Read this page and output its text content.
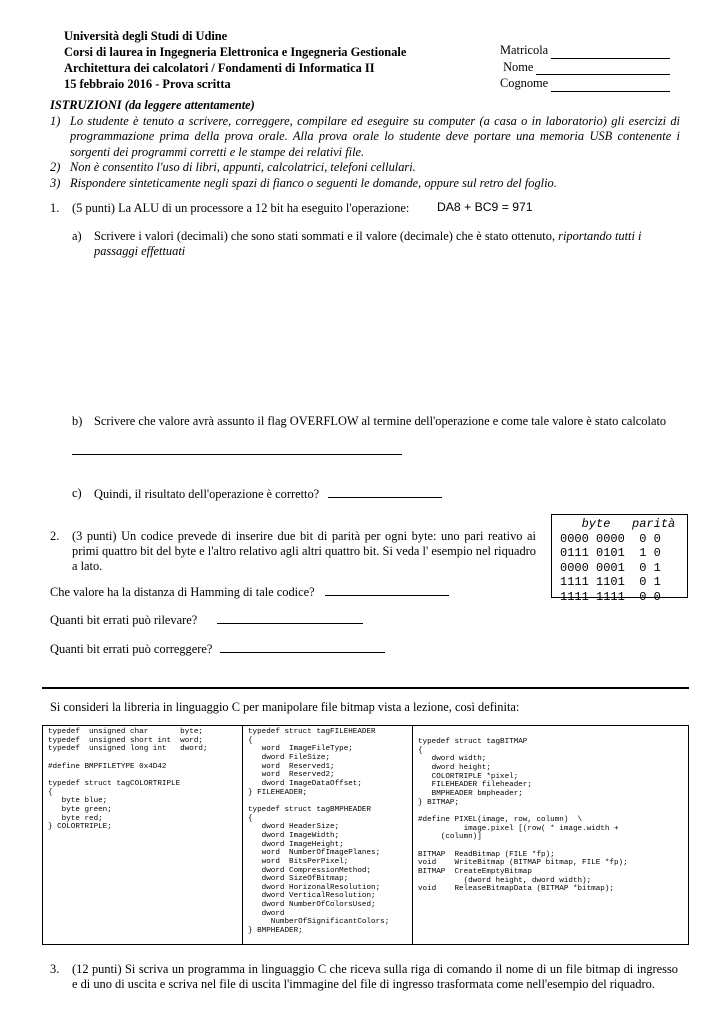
Università degli Studi di Udine
Corsi di laurea in Ingegneria Elettronica e Ingegneria Gestionale
Architettura dei calcolatori / Fondamenti di Informatica II
15 febbraio 2016 - Prova scritta
Matricola
Nome
Cognome
ISTRUZIONI (da leggere attentamente)
1) Lo studente è tenuto a scrivere, correggere, compilare ed eseguire su computer (a casa o in laboratorio) gli esercizi di programmazione prima della prova orale. Alla prova orale lo studente deve portare una memoria USB contenente i sorgenti dei programmi corretti e le stampe dei relativi file.
2) Non è consentito l'uso di libri, appunti, calcolatrici, telefoni cellulari.
3) Rispondere sinteticamente negli spazi di fianco o seguenti le domande, oppure sul retro del foglio.
1.	(5 punti) La ALU di un processore a 12 bit ha eseguito l'operazione:	DA8 + BC9 = 971
a) Scrivere i valori (decimali) che sono stati sommati e il valore (decimale) che è stato ottenuto, riportando tutti i passaggi effettuati
b) Scrivere che valore avrà assunto il flag OVERFLOW al termine dell'operazione e come tale valore è stato calcolato
c) Quindi, il risultato dell'operazione è corretto?
2.	(3 punti) Un codice prevede di inserire due bit di parità per ogni byte: uno pari reativo ai primi quattro bit del byte e l'altro relativo agli altri quattro bit. Si veda l' esempio nel riquadro a lato.
byte   parità
0000 0000  0 0
0111 0101  1 0
0000 0001  0 1
1111 1101  0 1
1111 1111  0 0
Che valore ha la distanza di Hamming di tale codice?
Quanti bit errati può rilevare?
Quanti bit errati può correggere?
Si consideri la libreria in linguaggio C per manipolare file bitmap vista a lezione, così definita:
typedef  unsigned char       byte;
typedef  unsigned short int  word;
typedef  unsigned long int   dword;

#define BMPFILETYPE 0x4D42

typedef struct tagCOLORTRIPLE
{
byte blue;
byte green;
byte red;
} COLORTRIPLE;
typedef struct tagFILEHEADER
{
word  ImageFileType;
dword FileSize;
word  Reserved1;
word  Reserved2;
dword ImageDataOffset;
} FILEHEADER;

typedef struct tagBMPHEADER
{
dword HeaderSize;
dword ImageWidth;
dword ImageHeight;
word  NumberOfImagePlanes;
word  BitsPerPixel;
dword CompressionMethod;
dword SizeOfBitmap;
dword HorizonalResolution;
dword VerticalResolution;
dword NumberOfColorsUsed;
dword
NumberOfSignificantColors;
} BMPHEADER;
typedef struct tagBITMAP
{
dword width;
dword height;
COLORTRIPLE *pixel;
FILEHEADER fileheader;
BMPHEADER bmpheader;
} BITMAP;

#define PIXEL(image, row, column)  \
image.pixel [(row( * image.width +
(column)]

BITMAP  ReadBitmap (FILE *fp);
void    WriteBitmap (BITMAP bitmap, FILE *fp);
BITMAP  CreateEmptyBitmap
(dword height, dword width);
void    ReleaseBitmapData (BITMAP *bitmap);
3.	(12 punti) Si scriva un programma in linguaggio C che riceva sulla riga di comando il nome di un file bitmap di ingresso e di uno di uscita e scriva nel file di uscita l'immagine del file di ingresso trasformata come nell'esempio del riquadro.
